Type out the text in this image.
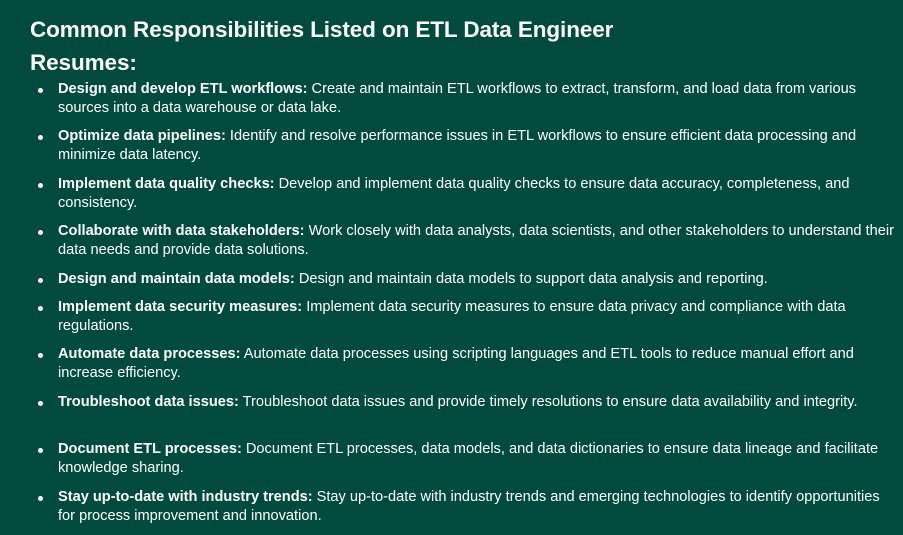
Common Responsibilities Listed on ETL Data Engineer
Resumes:
Design and develop ETL workflows: Create and maintain ETL workflows to extract, transform, and load data from various sources into a data warehouse or data lake.
Optimize data pipelines: Identify and resolve performance issues in ETL workflows to ensure efficient data processing and minimize data latency.
Implement data quality checks: Develop and implement data quality checks to ensure data accuracy, completeness, and consistency.
Collaborate with data stakeholders: Work closely with data analysts, data scientists, and other stakeholders to understand their data needs and provide data solutions.
Design and maintain data models: Design and maintain data models to support data analysis and reporting.
Implement data security measures: Implement data security measures to ensure data privacy and compliance with data regulations.
Automate data processes: Automate data processes using scripting languages and ETL tools to reduce manual effort and increase efficiency.
Troubleshoot data issues: Troubleshoot data issues and provide timely resolutions to ensure data availability and integrity.
Document ETL processes: Document ETL processes, data models, and data dictionaries to ensure data lineage and facilitate knowledge sharing.
Stay up-to-date with industry trends: Stay up-to-date with industry trends and emerging technologies to identify opportunities for process improvement and innovation.
